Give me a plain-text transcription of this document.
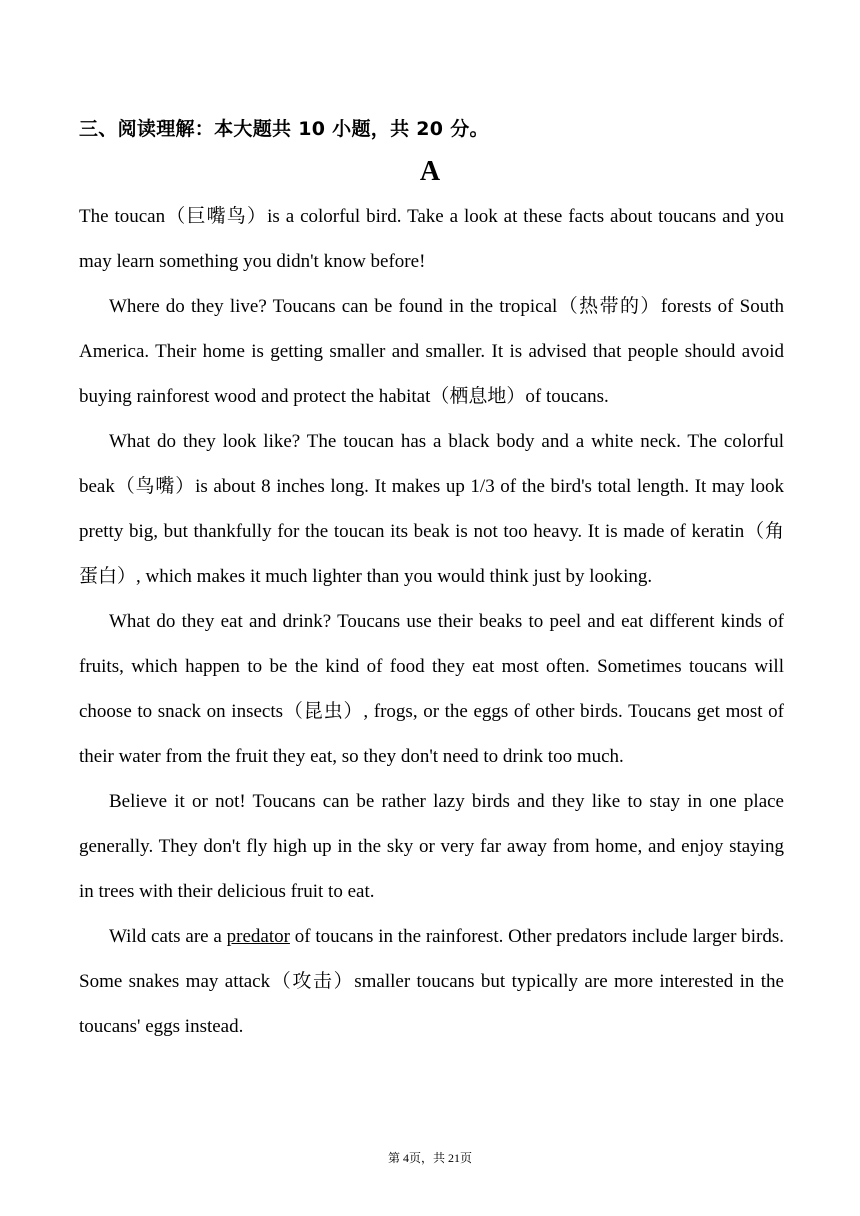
三、阅读理解：本大题共 10 小题，共 20 分。
A

The toucan（巨嘴鸟）is a colorful bird. Take a look at these facts about toucans and you may learn something you didn't know before!

Where do they live? Toucans can be found in the tropical（热带的）forests of South America. Their home is getting smaller and smaller. It is advised that people should avoid buying rainforest wood and protect the habitat（栖息地）of toucans.

What do they look like? The toucan has a black body and a white neck. The colorful beak（鸟嘴）is about 8 inches long. It makes up 1/3 of the bird's total length. It may look pretty big, but thankfully for the toucan its beak is not too heavy. It is made of keratin（角蛋白）, which makes it much lighter than you would think just by looking.

What do they eat and drink? Toucans use their beaks to peel and eat different kinds of fruits, which happen to be the kind of food they eat most often. Sometimes toucans will choose to snack on insects（昆虫）, frogs, or the eggs of other birds. Toucans get most of their water from the fruit they eat, so they don't need to drink too much.

Believe it or not! Toucans can be rather lazy birds and they like to stay in one place generally. They don't fly high up in the sky or very far away from home, and enjoy staying in trees with their delicious fruit to eat.

Wild cats are a predator of toucans in the rainforest. Other predators include larger birds. Some snakes may attack（攻击）smaller toucans but typically are more interested in the toucans' eggs instead.

第 4页，共 21页
